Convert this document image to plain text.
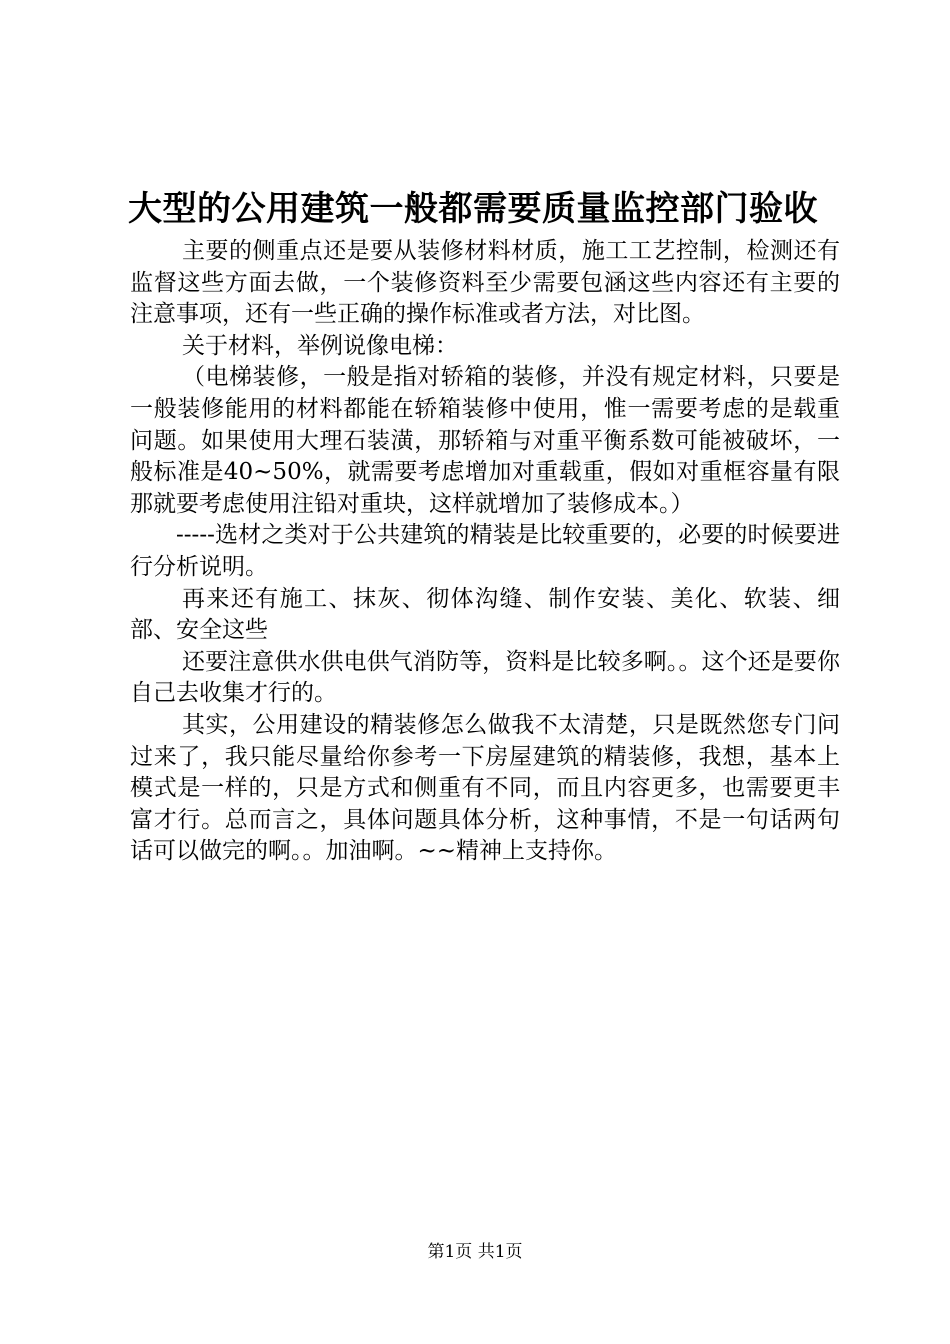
大型的公用建筑一般都需要质量监控部门验收

主要的侧重点还是要从装修材料材质，施工工艺控制，检测还有监督这些方面去做，一个装修资料至少需要包涵这些内容还有主要的注意事项，还有一些正确的操作标准或者方法，对比图。

关于材料，举例说像电梯：

（电梯装修，一般是指对轿箱的装修，并没有规定材料，只要是一般装修能用的材料都能在轿箱装修中使用，惟一需要考虑的是载重问题。如果使用大理石装潢，那轿箱与对重平衡系数可能被破坏，一般标准是40~50%，就需要考虑增加对重载重，假如对重框容量有限那就要考虑使用注铅对重块，这样就增加了装修成本。）

-----选材之类对于公共建筑的精装是比较重要的，必要的时候要进行分析说明。

再来还有施工、抹灰、彻体沟缝、制作安装、美化、软装、细部、安全这些

还要注意供水供电供气消防等，资料是比较多啊。。这个还是要你自己去收集才行的。

其实，公用建设的精装修怎么做我不太清楚，只是既然您专门问过来了，我只能尽量给你参考一下房屋建筑的精装修，我想，基本上模式是一样的，只是方式和侧重有不同，而且内容更多，也需要更丰富才行。总而言之，具体问题具体分析，这种事情，不是一句话两句话可以做完的啊。。加油啊。~~精神上支持你。

第1页 共1页
